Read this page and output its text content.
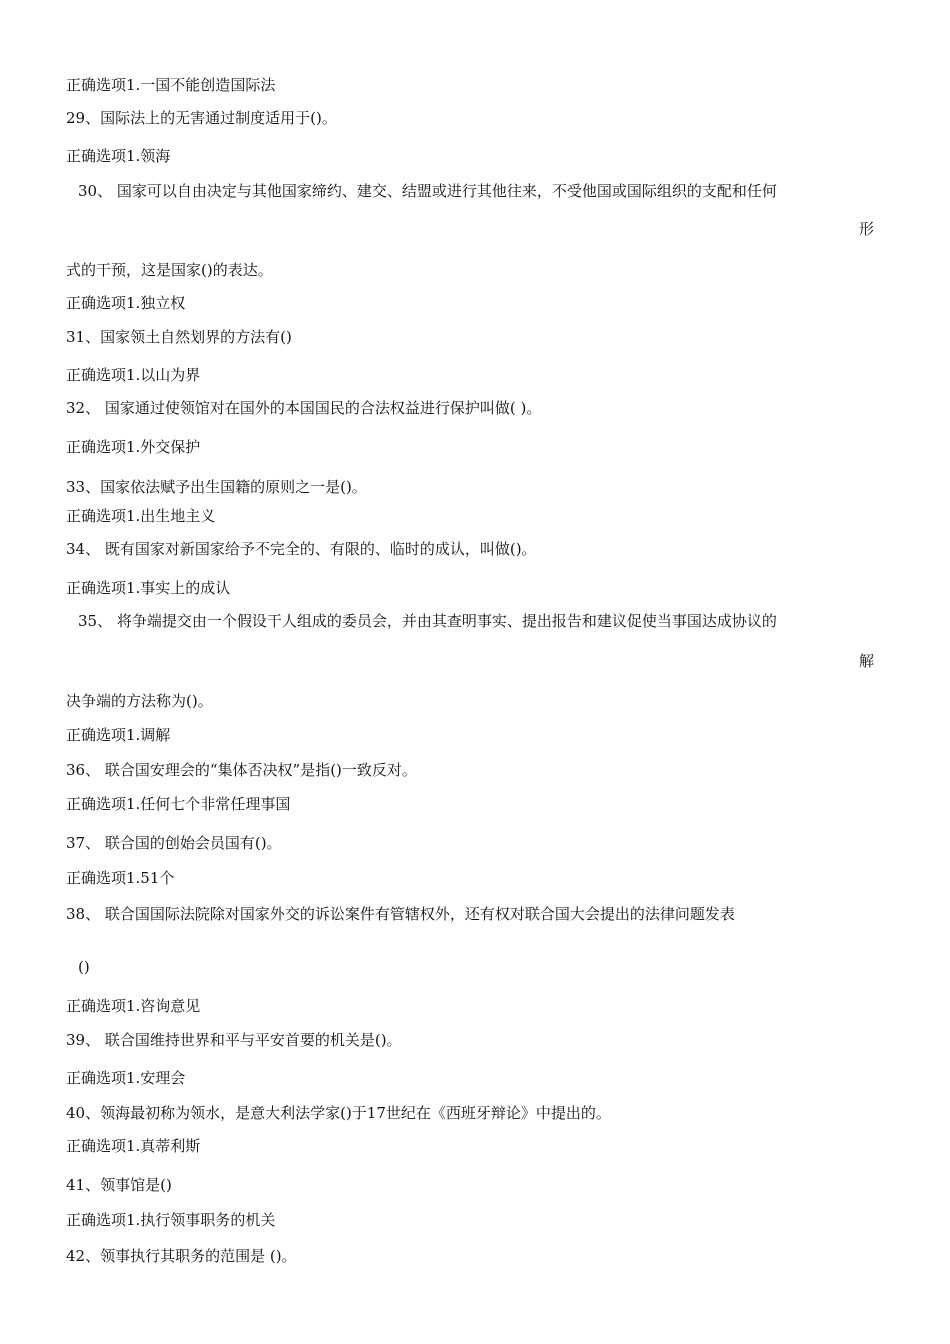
正确选项1.一国不能创造国际法
29、国际法上的无害通过制度适用于()。
正确选项1.领海
30、 国家可以自由决定与其他国家缔约、建交、结盟或进行其他往来，不受他国或国际组织的支配和任何
形
式的干预，这是国家()的表达。
正确选项1.独立权
31、国家领土自然划界的方法有()
正确选项1.以山为界
32、 国家通过使领馆对在国外的本国国民的合法权益进行保护叫做( )。
正确选项1.外交保护
33、国家依法赋予出生国籍的原则之一是()。
正确选项1.出生地主义
34、 既有国家对新国家给予不完全的、有限的、临时的成认，叫做()。
正确选项1.事实上的成认
35、 将争端提交由一个假设干人组成的委员会，并由其查明事实、提出报告和建议促使当事国达成协议的
解
决争端的方法称为()。
正确选项1.调解
36、 联合国安理会的“集体否决权”是指()一致反对。
正确选项1.任何七个非常任理事国
37、 联合国的创始会员国有()。
正确选项1.51个
38、 联合国国际法院除对国家外交的诉讼案件有管辖权外，还有权对联合国大会提出的法律问题发表
()
正确选项1.咨询意见
39、 联合国维持世界和平与平安首要的机关是()。
正确选项1.安理会
40、领海最初称为领水，是意大利法学家()于17世纪在《西班牙辩论》中提出的。
正确选项1.真蒂利斯
41、领事馆是()
正确选项1.执行领事职务的机关
42、领事执行其职务的范围是 ()。
